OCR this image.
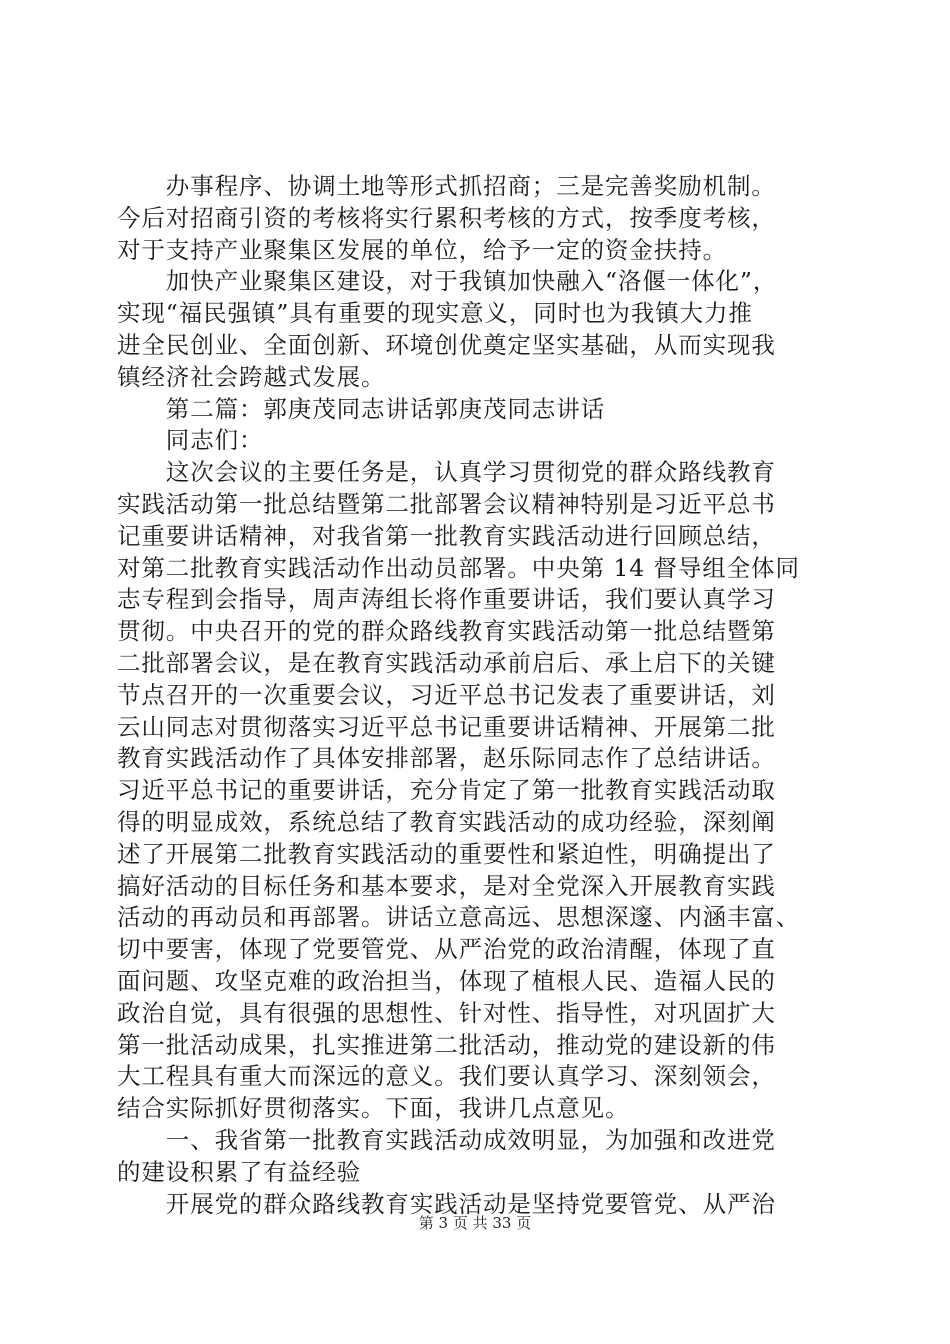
　　办事程序、协调土地等形式抓招商；三是完善奖励机制。
今后对招商引资的考核将实行累积考核的方式，按季度考核，
对于支持产业聚集区发展的单位，给予一定的资金扶持。
　　加快产业聚集区建设，对于我镇加快融入“洛偃一体化”，
实现“福民强镇”具有重要的现实意义，同时也为我镇大力推
进全民创业、全面创新、环境创优奠定坚实基础，从而实现我
镇经济社会跨越式发展。
　　第二篇：郭庚茂同志讲话郭庚茂同志讲话
　　同志们：
　　这次会议的主要任务是，认真学习贯彻党的群众路线教育
实践活动第一批总结暨第二批部署会议精神特别是习近平总书
记重要讲话精神，对我省第一批教育实践活动进行回顾总结，
对第二批教育实践活动作出动员部署。中央第 14 督导组全体同
志专程到会指导，周声涛组长将作重要讲话，我们要认真学习
贯彻。中央召开的党的群众路线教育实践活动第一批总结暨第
二批部署会议，是在教育实践活动承前启后、承上启下的关键
节点召开的一次重要会议，习近平总书记发表了重要讲话，刘
云山同志对贯彻落实习近平总书记重要讲话精神、开展第二批
教育实践活动作了具体安排部署，赵乐际同志作了总结讲话。
习近平总书记的重要讲话，充分肯定了第一批教育实践活动取
得的明显成效，系统总结了教育实践活动的成功经验，深刻阐
述了开展第二批教育实践活动的重要性和紧迫性，明确提出了
搞好活动的目标任务和基本要求，是对全党深入开展教育实践
活动的再动员和再部署。讲话立意高远、思想深邃、内涵丰富、
切中要害，体现了党要管党、从严治党的政治清醒，体现了直
面问题、攻坚克难的政治担当，体现了植根人民、造福人民的
政治自觉，具有很强的思想性、针对性、指导性，对巩固扩大
第一批活动成果，扎实推进第二批活动，推动党的建设新的伟
大工程具有重大而深远的意义。我们要认真学习、深刻领会，
结合实际抓好贯彻落实。下面，我讲几点意见。
　　一、我省第一批教育实践活动成效明显，为加强和改进党
的建设积累了有益经验
　　开展党的群众路线教育实践活动是坚持党要管党、从严治
第 3 页 共 33 页
